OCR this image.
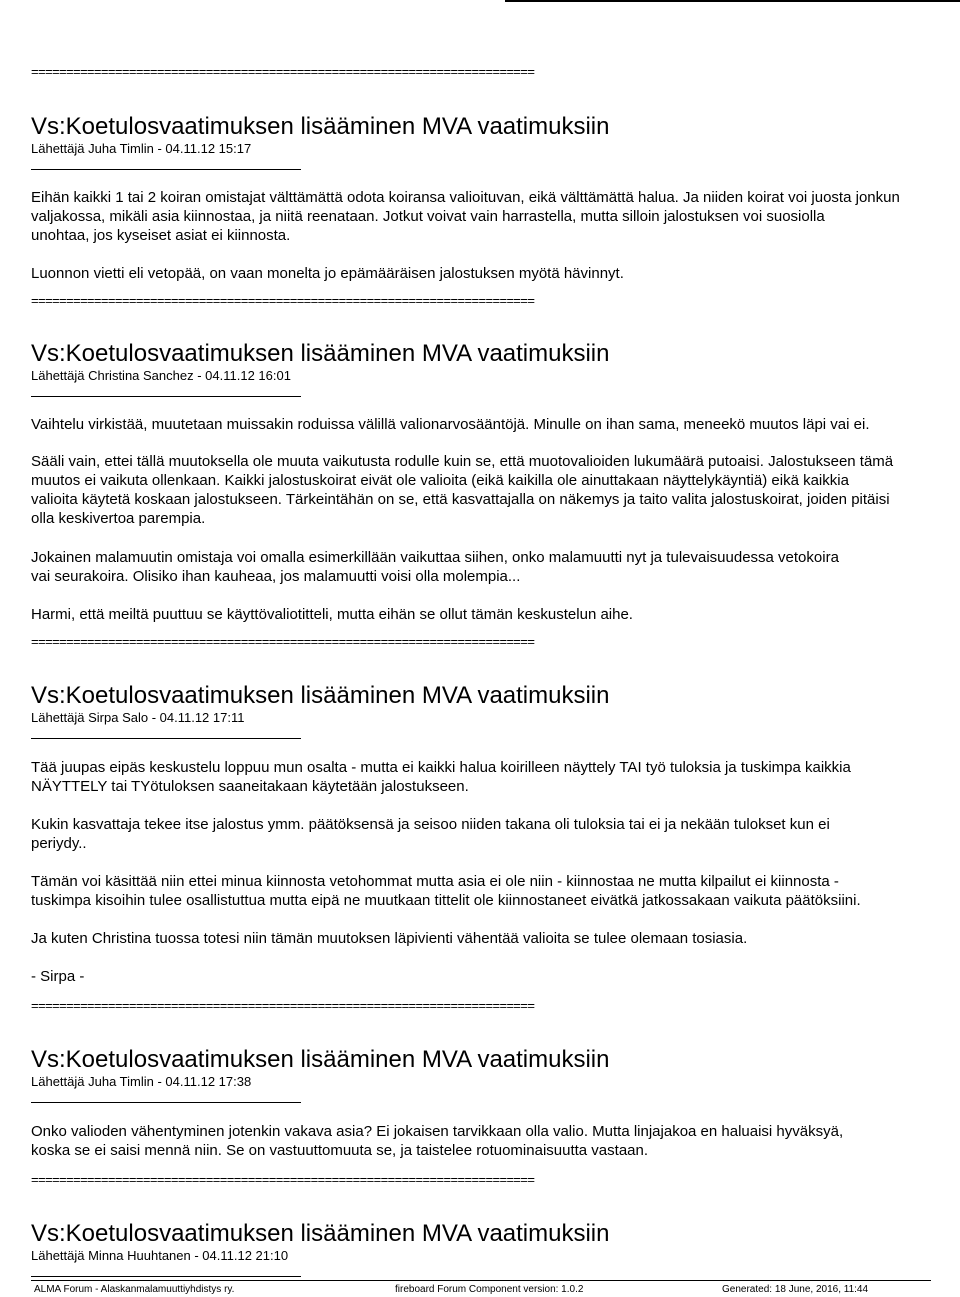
========================================================================

Vs:Koetulosvaatimuksen lisääminen MVA vaatimuksiin

Lähettäjä Juha Timlin - 04.11.12 15:17

Eihän kaikki 1 tai 2 koiran omistajat välttämättä odota koiransa valioituvan, eikä välttämättä halua. Ja niiden koirat voi juosta jonkun
valjakossa, mikäli asia kiinnostaa, ja niitä reenataan. Jotkut voivat vain harrastella, mutta silloin jalostuksen voi suosiolla
unohtaa, jos kyseiset asiat ei kiinnosta.

Luonnon vietti eli vetopää, on vaan monelta jo epämääräisen jalostuksen myötä hävinnyt.

========================================================================

Vs:Koetulosvaatimuksen lisääminen MVA vaatimuksiin

Lähettäjä Christina Sanchez - 04.11.12 16:01

Vaihtelu virkistää, muutetaan muissakin roduissa välillä valionarvosääntöjä. Minulle on ihan sama, meneekö muutos läpi vai ei.

Sääli vain, ettei tällä muutoksella ole muuta vaikutusta rodulle kuin se, että muotovalioiden lukumäärä putoaisi. Jalostukseen tämä
muutos ei vaikuta ollenkaan. Kaikki jalostuskoirat eivät ole valioita (eikä kaikilla ole ainuttakaan näyttelykäyntiä) eikä kaikkia
valioita käytetä koskaan jalostukseen. Tärkeintähän on se, että kasvattajalla on näkemys ja taito valita jalostuskoirat, joiden pitäisi
olla keskivertoa parempia.

Jokainen malamuutin omistaja voi omalla esimerkillään vaikuttaa siihen, onko malamuutti nyt ja tulevaisuudessa vetokoira
vai seurakoira. Olisiko ihan kauheaa, jos malamuutti voisi olla molempia...

Harmi, että meiltä puuttuu se käyttövaliotitteli, mutta eihän se ollut tämän keskustelun aihe.

========================================================================

Vs:Koetulosvaatimuksen lisääminen MVA vaatimuksiin

Lähettäjä Sirpa Salo - 04.11.12 17:11

Tää juupas eipäs keskustelu loppuu mun osalta - mutta ei kaikki halua koirilleen näyttely TAI työ tuloksia ja tuskimpa kaikkia
NÄYTTELY tai TYötuloksen saaneitakaan käytetään jalostukseen.

Kukin kasvattaja tekee itse jalostus ymm. päätöksensä ja seisoo niiden takana oli tuloksia tai ei ja nekään tulokset kun ei
periydy..

Tämän voi käsittää niin ettei minua kiinnosta vetohommat mutta asia ei ole niin - kiinnostaa ne mutta kilpailut ei kiinnosta -
tuskimpa kisoihin tulee osallistuttua mutta eipä ne muutkaan tittelit ole kiinnostaneet eivätkä jatkossakaan vaikuta päätöksiini.

Ja kuten Christina tuossa totesi niin tämän muutoksen läpivienti vähentää valioita se tulee olemaan tosiasia.

- Sirpa -

========================================================================

Vs:Koetulosvaatimuksen lisääminen MVA vaatimuksiin

Lähettäjä Juha Timlin - 04.11.12 17:38

Onko valioden vähentyminen jotenkin vakava asia? Ei jokaisen tarvikkaan olla valio. Mutta linjajakoa en haluaisi hyväksyä,
koska se ei saisi mennä niin. Se on vastuuttomuuta se, ja taistelee rotuominaisuutta vastaan.

========================================================================

Vs:Koetulosvaatimuksen lisääminen MVA vaatimuksiin

Lähettäjä Minna Huuhtanen - 04.11.12 21:10

ALMA Forum - Alaskanmalamuuttiyhdistys ry.	fireboard Forum Component version: 1.0.2	Generated: 18 June, 2016, 11:44
